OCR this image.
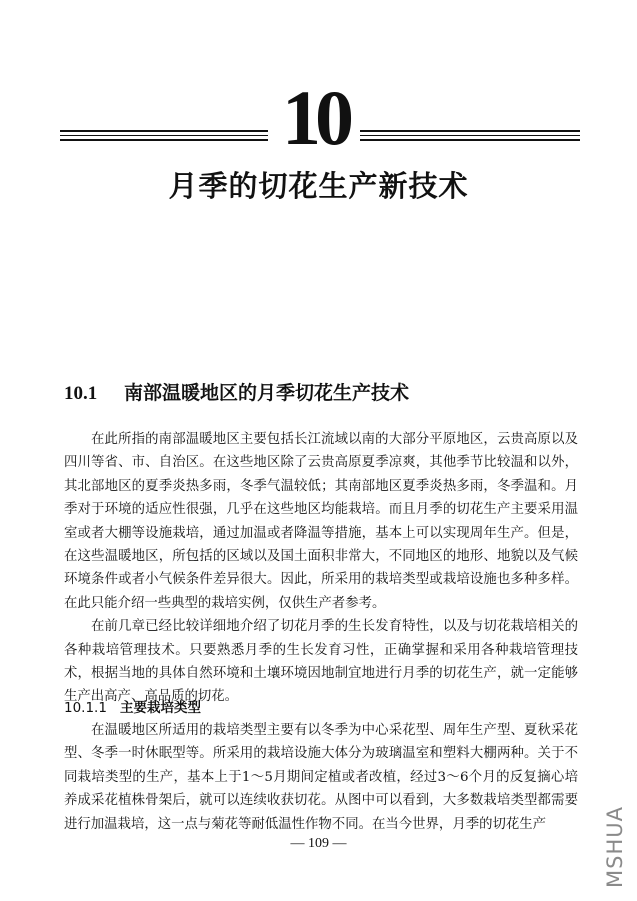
10
月季的切花生产新技术
10.1 南部温暖地区的月季切花生产技术

在此所指的南部温暖地区主要包括长江流域以南的大部分平原地区，云贵高原以及四川等省、市、自治区。在这些地区除了云贵高原夏季凉爽，其他季节比较温和以外，其北部地区的夏季炎热多雨，冬季气温较低；其南部地区夏季炎热多雨，冬季温和。月季对于环境的适应性很强，几乎在这些地区均能栽培。而且月季的切花生产主要采用温室或者大棚等设施栽培，通过加温或者降温等措施，基本上可以实现周年生产。但是，在这些温暖地区，所包括的区域以及国土面积非常大，不同地区的地形、地貌以及气候环境条件或者小气候条件差异很大。因此，所采用的栽培类型或栽培设施也多种多样。在此只能介绍一些典型的栽培实例，仅供生产者参考。

在前几章已经比较详细地介绍了切花月季的生长发育特性，以及与切花栽培相关的各种栽培管理技术。只要熟悉月季的生长发育习性，正确掌握和采用各种栽培管理技术，根据当地的具体自然环境和土壤环境因地制宜地进行月季的切花生产，就一定能够生产出高产、高品质的切花。

10.1.1 主要栽培类型

在温暖地区所适用的栽培类型主要有以冬季为中心采花型、周年生产型、夏秋采花型、冬季一时休眠型等。所采用的栽培设施大体分为玻璃温室和塑料大棚两种。关于不同栽培类型的生产，基本上于1～5月期间定植或者改植，经过3～6个月的反复摘心培养成采花植株骨架后，就可以连续收获切花。从图中可以看到，大多数栽培类型都需要进行加温栽培，这一点与菊花等耐低温性作物不同。在当今世界，月季的切花生产

— 109 —	MSHUA
